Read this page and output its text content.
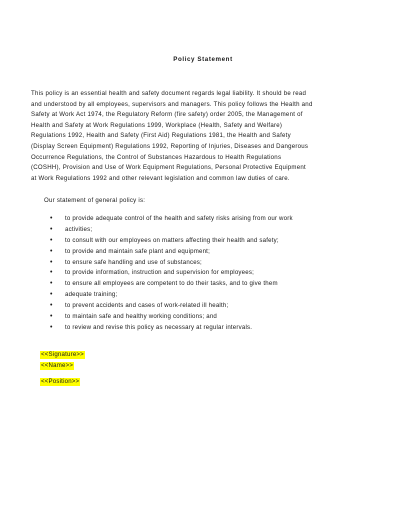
Policy Statement

This policy is an essential health and safety document regards legal liability. It should be read
and understood by all employees, supervisors and managers. This policy follows the Health and
Safety at Work Act 1974, the Regulatory Reform (fire safety) order 2005, the Management of
Health and Safety at Work Regulations 1999, Workplace (Health, Safety and Welfare)
Regulations 1992, Health and Safety (First Aid) Regulations 1981, the Health and Safety
(Display Screen Equipment) Regulations 1992, Reporting of Injuries, Diseases and Dangerous
Occurrence Regulations, the Control of Substances Hazardous to Health Regulations
(COSHH), Provision and Use of Work Equipment Regulations, Personal Protective Equipment
at Work Regulations 1992 and other relevant legislation and common law duties of care.

Our statement of general policy is:

• to provide adequate control of the health and safety risks arising from our work
• activities;
• to consult with our employees on matters affecting their health and safety;
• to provide and maintain safe plant and equipment;
• to ensure safe handling and use of substances;
• to provide information, instruction and supervision for employees;
• to ensure all employees are competent to do their tasks, and to give them
• adequate training;
• to prevent accidents and cases of work-related ill health;
• to maintain safe and healthy working conditions; and
• to review and revise this policy as necessary at regular intervals.
<<Signature>>
<<Name>>
<<Position>>
